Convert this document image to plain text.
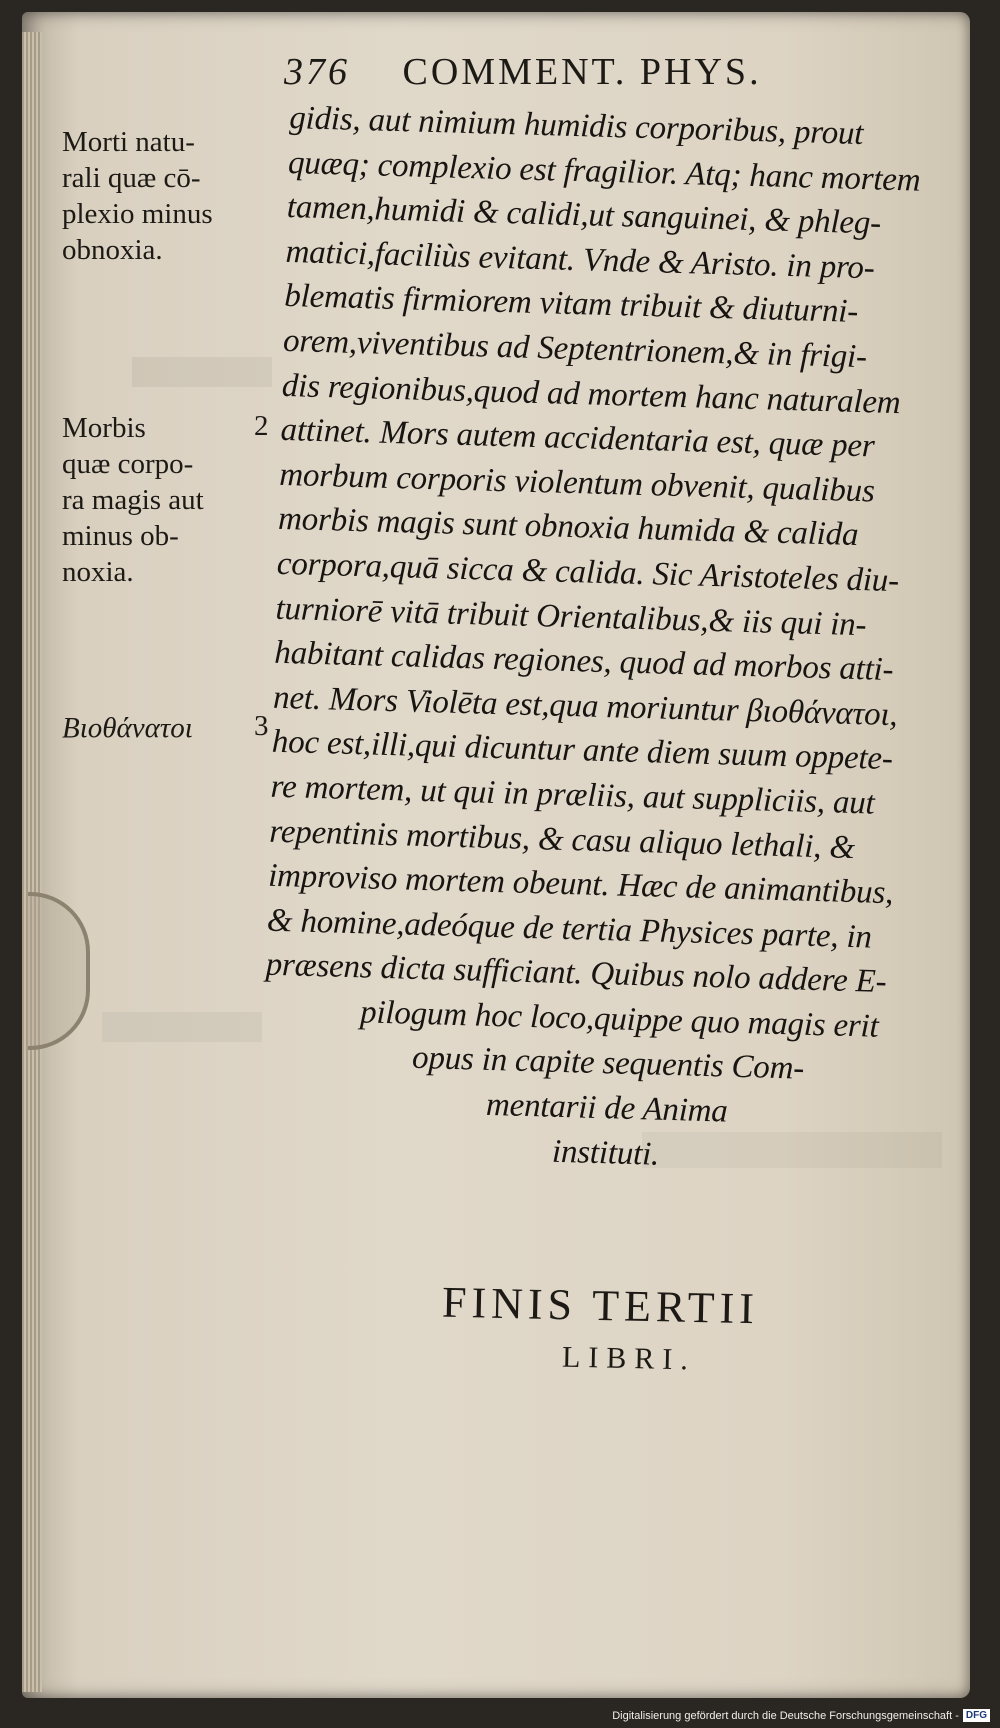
376 COMMENT. PHYS.
Morti natu-
rali quæ cō-
plexio minus
obnoxia.
Morbis
quæ corpo-
ra magis aut
minus ob-
noxia.
2
Βιοθάνατοι	3
gidis, aut nimium humidis corporibus, prout
quæq; complexio est fragilior. Atq; hanc mortem
tamen,humidi & calidi,ut sanguinei, & phleg-
matici,faciliùs evitant. Vnde & Aristo. in pro-
blematis firmiorem vitam tribuit & diuturni-
orem,viventibus ad Septentrionem,& in frigi-
dis regionibus,quod ad mortem hanc naturalem
attinet. Mors autem accidentaria est, quæ per
morbum corporis violentum obvenit, qualibus
morbis magis sunt obnoxia humida & calida
corpora,quā sicca & calida. Sic Aristoteles diu-
turniorē vitā tribuit Orientalibus,& iis qui in-
habitant calidas regiones, quod ad morbos atti-
net. Mors Violēta est,qua moriuntur βιοθάνατοι,
hoc est,illi,qui dicuntur ante diem suum oppete-
re mortem, ut qui in præliis, aut suppliciis, aut
repentinis mortibus, & casu aliquo lethali, &
improviso mortem obeunt. Hæc de animantibus,
& homine,adeóque de tertia Physices parte, in
præsens dicta sufficiant. Quibus nolo addere E-
pilogum hoc loco,quippe quo magis erit
opus in capite sequentis Com-
mentarii de Anima
instituti.
FINIS TERTII
LIBRI.
Digitalisierung gefördert durch die Deutsche Forschungsgemeinschaft - DFG
